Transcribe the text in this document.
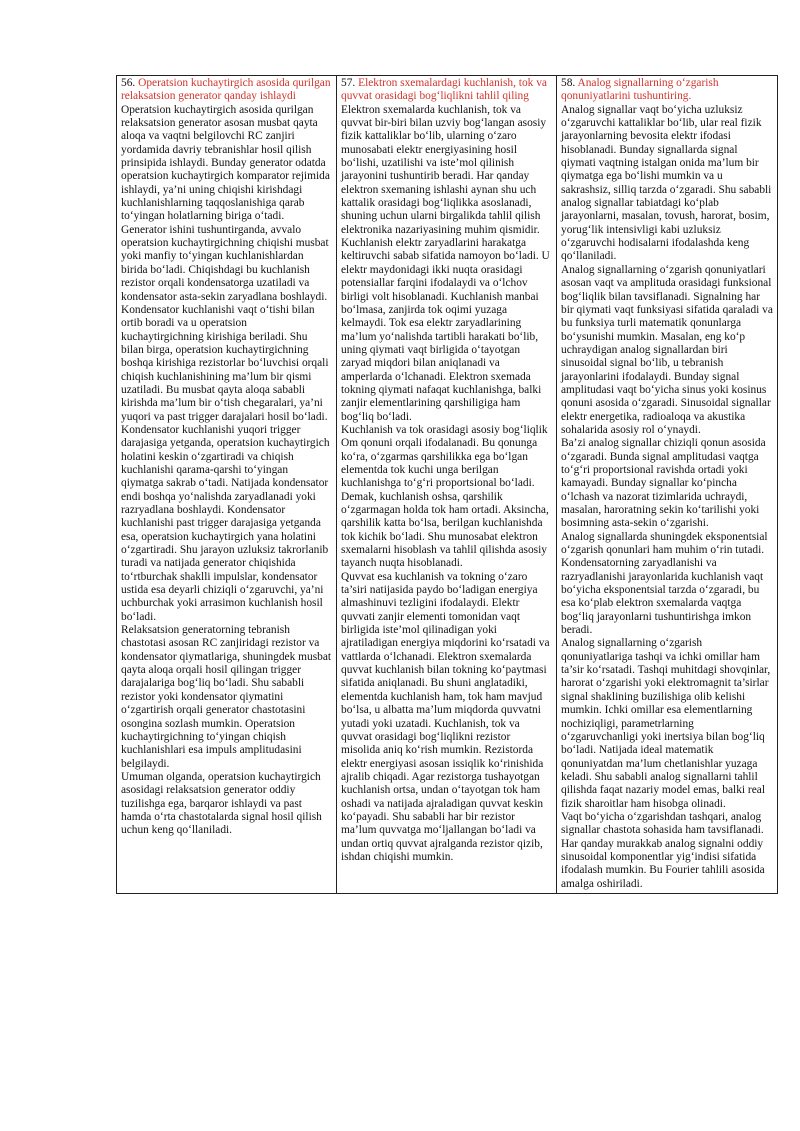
56. Operatsion kuchaytirgich asosida qurilgan relaksatsion generator qanday ishlaydi
Operatsion kuchaytirgich asosida qurilgan relaksatsion generator asosan musbat qayta aloqa va vaqtni belgilovchi RC zanjiri yordamida davriy tebranishlar hosil qilish prinsipida ishlaydi. Bunday generator odatda operatsion kuchaytirgich komparator rejimida ishlaydi, ya’ni uning chiqishi kirishdagi kuchlanishlarning taqqoslanishiga qarab to‘yingan holatlarning biriga o‘tadi.
Generator ishini tushuntirganda, avvalo operatsion kuchaytirgichning chiqishi musbat yoki manfiy to‘yingan kuchlanishlardan birida bo‘ladi. Chiqishdagi bu kuchlanish rezistor orqali kondensatorga uzatiladi va kondensator asta-sekin zaryadlana boshlaydi. Kondensator kuchlanishi vaqt o‘tishi bilan ortib boradi va u operatsion kuchaytirgichning kirishiga beriladi. Shu bilan birga, operatsion kuchaytirgichning boshqa kirishiga rezistorlar bo‘luvchisi orqali chiqish kuchlanishining ma’lum bir qismi uzatiladi. Bu musbat qayta aloqa sababli kirishda ma’lum bir o‘tish chegaralari, ya’ni yuqori va past trigger darajalari hosil bo‘ladi.
Kondensator kuchlanishi yuqori trigger darajasiga yetganda, operatsion kuchaytirgich holatini keskin o‘zgartiradi va chiqish kuchlanishi qarama-qarshi to‘yingan qiymatga sakrab o‘tadi. Natijada kondensator endi boshqa yo‘nalishda zaryadlanadi yoki razryadlana boshlaydi. Kondensator kuchlanishi past trigger darajasiga yetganda esa, operatsion kuchaytirgich yana holatini o‘zgartiradi. Shu jarayon uzluksiz takrorlanib turadi va natijada generator chiqishida to‘rtburchak shaklli impulslar, kondensator ustida esa deyarli chiziqli o‘zgaruvchi, ya’ni uchburchak yoki arrasimon kuchlanish hosil bo‘ladi.
Relaksatsion generatorning tebranish chastotasi asosan RC zanjiridagi rezistor va kondensator qiymatlariga, shuningdek musbat qayta aloqa orqali hosil qilingan trigger darajalariga bog‘liq bo‘ladi. Shu sababli rezistor yoki kondensator qiymatini o‘zgartirish orqali generator chastotasini osongina sozlash mumkin. Operatsion kuchaytirgichning to‘yingan chiqish kuchlanishlari esa impuls amplitudasini belgilaydi.
Umuman olganda, operatsion kuchaytirgich asosidagi relaksatsion generator oddiy tuzilishga ega, barqaror ishlaydi va past hamda o‘rta chastotalarda signal hosil qilish uchun keng qo‘llaniladi.

57. Elektron sxemalardagi kuchlanish, tok va quvvat orasidagi bog‘liqlikni tahlil qiling
Elektron sxemalarda kuchlanish, tok va quvvat bir-biri bilan uzviy bog‘langan asosiy fizik kattaliklar bo‘lib, ularning o‘zaro munosabati elektr energiyasining hosil bo‘lishi, uzatilishi va iste’mol qilinish jarayonini tushuntirib beradi. Har qanday elektron sxemaning ishlashi aynan shu uch kattalik orasidagi bog‘liqlikka asoslanadi, shuning uchun ularni birgalikda tahlil qilish elektronika nazariyasining muhim qismidir.
Kuchlanish elektr zaryadlarini harakatga keltiruvchi sabab sifatida namoyon bo‘ladi. U elektr maydonidagi ikki nuqta orasidagi potensiallar farqini ifodalaydi va o‘lchov birligi volt hisoblanadi. Kuchlanish manbai bo‘lmasa, zanjirda tok oqimi yuzaga kelmaydi. Tok esa elektr zaryadlarining ma’lum yo‘nalishda tartibli harakati bo‘lib, uning qiymati vaqt birligida o‘tayotgan zaryad miqdori bilan aniqlanadi va amperlarda o‘lchanadi. Elektron sxemada tokning qiymati nafaqat kuchlanishga, balki zanjir elementlarining qarshiligiga ham bog‘liq bo‘ladi.
Kuchlanish va tok orasidagi asosiy bog‘liqlik Om qonuni orqali ifodalanadi. Bu qonunga ko‘ra, o‘zgarmas qarshilikka ega bo‘lgan elementda tok kuchi unga berilgan kuchlanishga to‘g‘ri proportsional bo‘ladi. Demak, kuchlanish oshsa, qarshilik o‘zgarmagan holda tok ham ortadi. Aksincha, qarshilik katta bo‘lsa, berilgan kuchlanishda tok kichik bo‘ladi. Shu munosabat elektron sxemalarni hisoblash va tahlil qilishda asosiy tayanch nuqta hisoblanadi.
Quvvat esa kuchlanish va tokning o‘zaro ta’siri natijasida paydo bo‘ladigan energiya almashinuvi tezligini ifodalaydi. Elektr quvvati zanjir elementi tomonidan vaqt birligida iste’mol qilinadigan yoki ajratiladigan energiya miqdorini ko‘rsatadi va vattlarda o‘lchanadi. Elektron sxemalarda quvvat kuchlanish bilan tokning ko‘paytmasi sifatida aniqlanadi. Bu shuni anglatadiki, elementda kuchlanish ham, tok ham mavjud bo‘lsa, u albatta ma’lum miqdorda quvvatni yutadi yoki uzatadi. Kuchlanish, tok va quvvat orasidagi bog‘liqlikni rezistor misolida aniq ko‘rish mumkin. Rezistorda elektr energiyasi asosan issiqlik ko‘rinishida ajralib chiqadi. Agar rezistorga tushayotgan kuchlanish ortsa, undan o‘tayotgan tok ham oshadi va natijada ajraladigan quvvat keskin ko‘payadi. Shu sababli har bir rezistor ma’lum quvvatga mo‘ljallangan bo‘ladi va undan ortiq quvvat ajralganda rezistor qizib, ishdan chiqishi mumkin.

58. Analog signallarning o‘zgarish qonuniyatlarini tushuntiring.
Analog signallar vaqt bo‘yicha uzluksiz o‘zgaruvchi kattaliklar bo‘lib, ular real fizik jarayonlarning bevosita elektr ifodasi hisoblanadi. Bunday signallarda signal qiymati vaqtning istalgan onida ma’lum bir qiymatga ega bo‘lishi mumkin va u sakrashsiz, silliq tarzda o‘zgaradi. Shu sababli analog signallar tabiatdagi ko‘plab jarayonlarni, masalan, tovush, harorat, bosim, yorug‘lik intensivligi kabi uzluksiz o‘zgaruvchi hodisalarni ifodalashda keng qo‘llaniladi.
Analog signallarning o‘zgarish qonuniyatlari asosan vaqt va amplituda orasidagi funksional bog‘liqlik bilan tavsiflanadi. Signalning har bir qiymati vaqt funksiyasi sifatida qaraladi va bu funksiya turli matematik qonunlarga bo‘ysunishi mumkin. Masalan, eng ko‘p uchraydigan analog signallardan biri sinusoidal signal bo‘lib, u tebranish jarayonlarini ifodalaydi. Bunday signal amplitudasi vaqt bo‘yicha sinus yoki kosinus qonuni asosida o‘zgaradi. Sinusoidal signallar elektr energetika, radioaloqa va akustika sohalarida asosiy rol o‘ynaydi.
Ba’zi analog signallar chiziqli qonun asosida o‘zgaradi. Bunda signal amplitudasi vaqtga to‘g‘ri proportsional ravishda ortadi yoki kamayadi. Bunday signallar ko‘pincha o‘lchash va nazorat tizimlarida uchraydi, masalan, haroratning sekin ko‘tarilishi yoki bosimning asta-sekin o‘zgarishi.
Analog signallarda shuningdek eksponentsial o‘zgarish qonunlari ham muhim o‘rin tutadi. Kondensatorning zaryadlanishi va razryadlanishi jarayonlarida kuchlanish vaqt bo‘yicha eksponentsial tarzda o‘zgaradi, bu esa ko‘plab elektron sxemalarda vaqtga bog‘liq jarayonlarni tushuntirishga imkon beradi.
Analog signallarning o‘zgarish qonuniyatlariga tashqi va ichki omillar ham ta’sir ko‘rsatadi. Tashqi muhitdagi shovqinlar, harorat o‘zgarishi yoki elektromagnit ta’sirlar signal shaklining buzilishiga olib kelishi mumkin. Ichki omillar esa elementlarning nochiziqligi, parametrlarning o‘zgaruvchanligi yoki inertsiya bilan bog‘liq bo‘ladi. Natijada ideal matematik qonuniyatdan ma’lum chetlanishlar yuzaga keladi. Shu sababli analog signallarni tahlil qilishda faqat nazariy model emas, balki real fizik sharoitlar ham hisobga olinadi.
Vaqt bo‘yicha o‘zgarishdan tashqari, analog signallar chastota sohasida ham tavsiflanadi. Har qanday murakkab analog signalni oddiy sinusoidal komponentlar yig‘indisi sifatida ifodalash mumkin. Bu Fourier tahlili asosida amalga oshiriladi.
